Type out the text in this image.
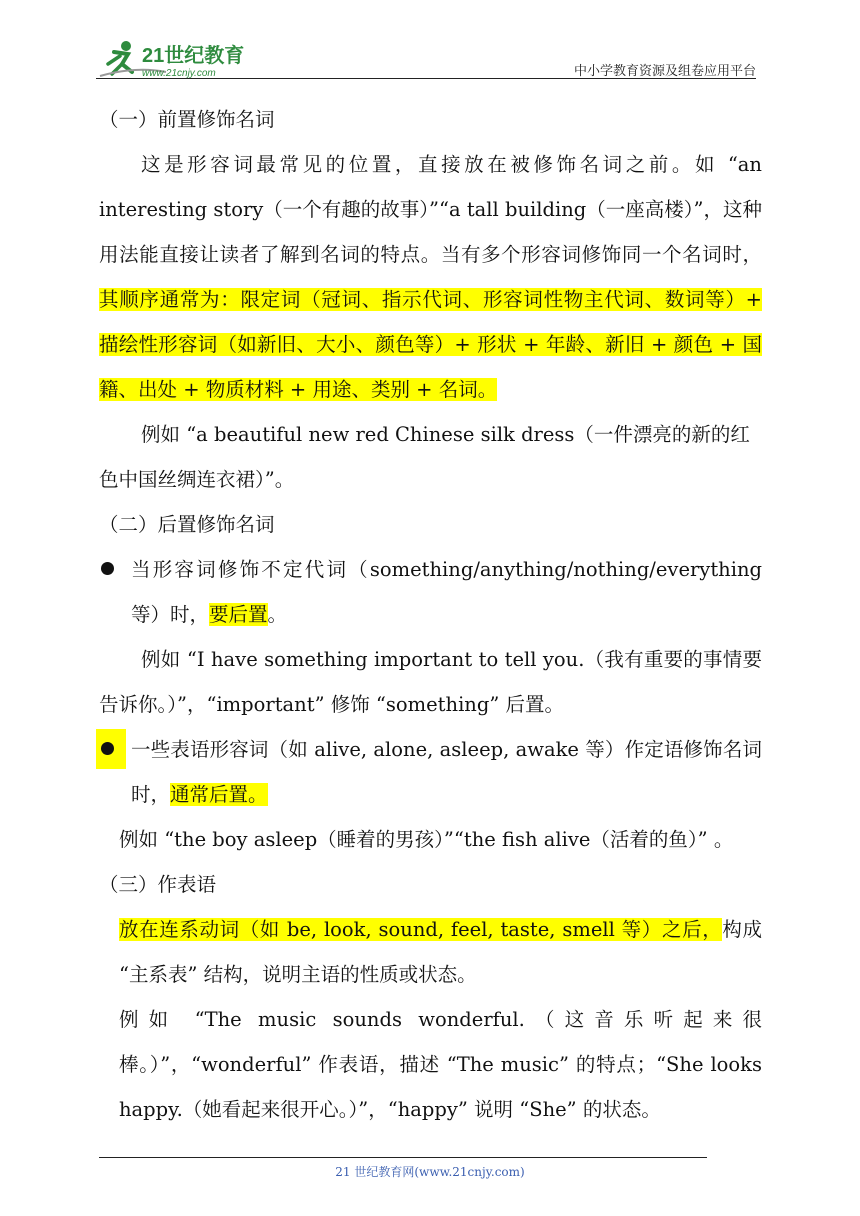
21世纪教育
www.21cnjy.com	中小学教育资源及组卷应用平台

（一）前置修饰名词

这是形容词最常见的位置，直接放在被修饰名词之前。如 “an interesting story（一个有趣的故事）”“a tall building（一座高楼）”，这种用法能直接让读者了解到名词的特点。当有多个形容词修饰同一个名词时，其顺序通常为：限定词（冠词、指示代词、形容词性物主代词、数词等）+ 描绘性形容词（如新旧、大小、颜色等）+ 形状 + 年龄、新旧 + 颜色 + 国籍、出处 + 物质材料 + 用途、类别 + 名词。

例如 “a beautiful new red Chinese silk dress（一件漂亮的新的红色中国丝绸连衣裙）”。

（二）后置修饰名词

当形容词修饰不定代词（something/anything/nothing/everything 等）时，要后置。

例如 “I have something important to tell you.（我有重要的事情要告诉你。）”，“important” 修饰 “something” 后置。

一些表语形容词（如 alive, alone, asleep, awake 等）作定语修饰名词时，通常后置。

例如 “the boy asleep（睡着的男孩）”“the fish alive（活着的鱼）” 。

（三）作表语

放在连系动词（如 be, look, sound, feel, taste, smell 等）之后，构成 “主系表” 结构，说明主语的性质或状态。

例如 “The music sounds wonderful.（这音乐听起来很棒。）”，“wonderful” 作表语，描述 “The music” 的特点；“She looks happy.（她看起来很开心。）”，“happy” 说明 “She” 的状态。

21 世纪教育网(www.21cnjy.com)
